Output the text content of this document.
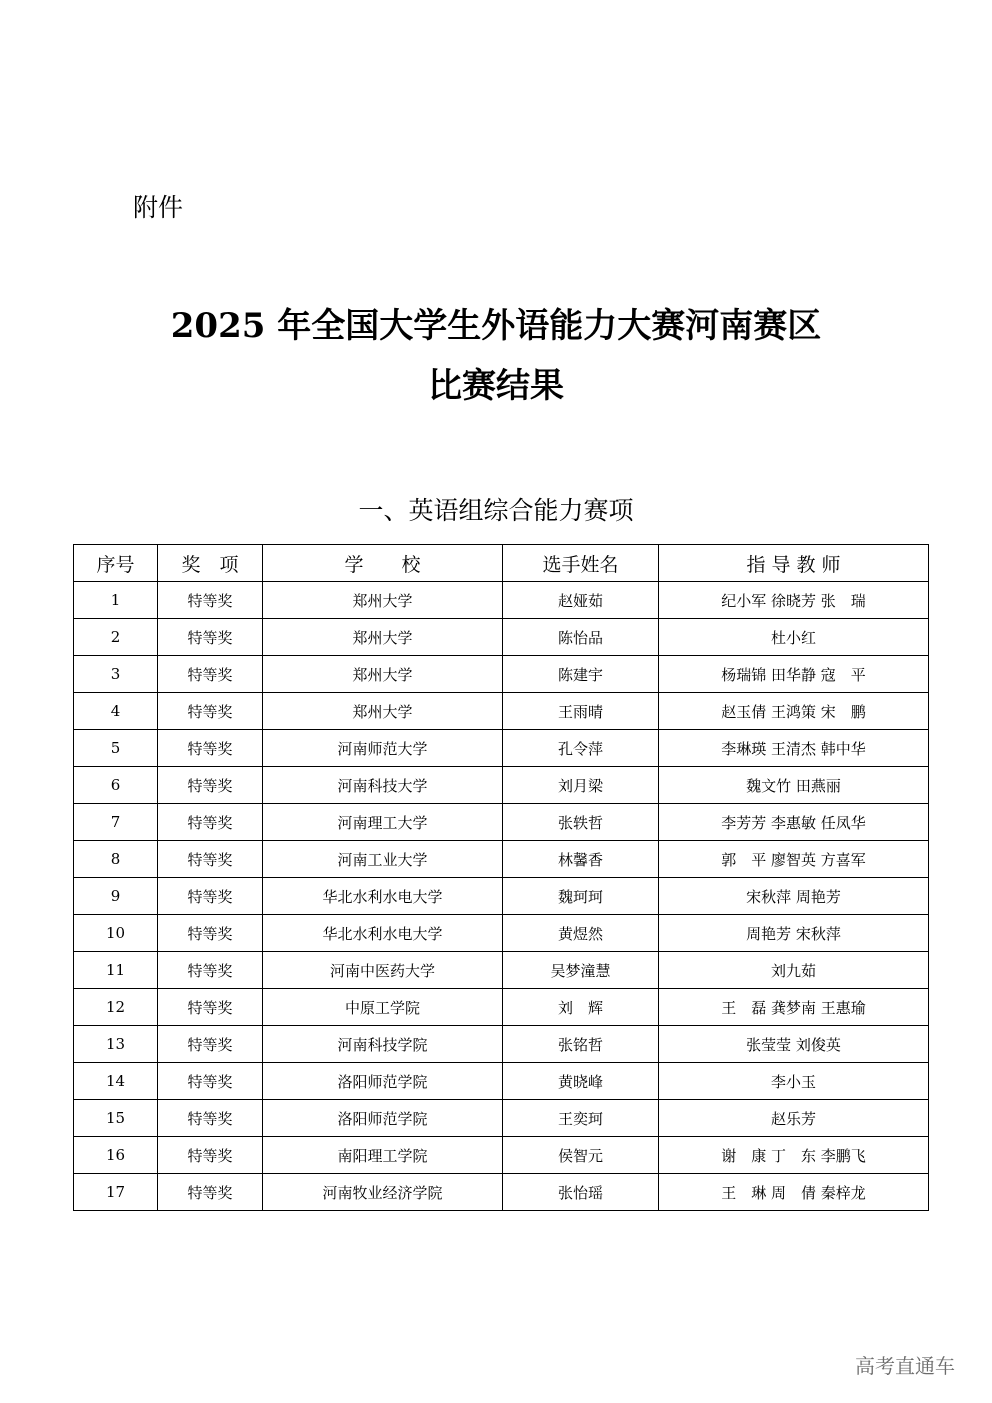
附件
2025 年全国大学生外语能力大赛河南赛区
比赛结果
一、英语组综合能力赛项
序号	奖　项	学　　校	选手姓名	指 导 教 师
1	特等奖	郑州大学	赵娅茹	纪小军 徐晓芳 张　瑞
2	特等奖	郑州大学	陈怡品	杜小红
3	特等奖	郑州大学	陈建宇	杨瑞锦 田华静 寇　平
4	特等奖	郑州大学	王雨晴	赵玉倩 王鸿策 宋　鹏
5	特等奖	河南师范大学	孔令萍	李琳瑛 王清杰 韩中华
6	特等奖	河南科技大学	刘月梁	魏文竹 田燕丽
7	特等奖	河南理工大学	张轶哲	李芳芳 李惠敏 任凤华
8	特等奖	河南工业大学	林馨香	郭　平 廖智英 方喜军
9	特等奖	华北水利水电大学	魏珂珂	宋秋萍 周艳芳
10	特等奖	华北水利水电大学	黄煜然	周艳芳 宋秋萍
11	特等奖	河南中医药大学	吴梦潼慧	刘九茹
12	特等奖	中原工学院	刘　辉	王　磊 龚梦南 王惠瑜
13	特等奖	河南科技学院	张铭哲	张莹莹 刘俊英
14	特等奖	洛阳师范学院	黄晓峰	李小玉
15	特等奖	洛阳师范学院	王奕珂	赵乐芳
16	特等奖	南阳理工学院	侯智元	谢　康 丁　东 李鹏飞
17	特等奖	河南牧业经济学院	张怡瑶	王　琳 周　倩 秦梓龙
高考直通车
